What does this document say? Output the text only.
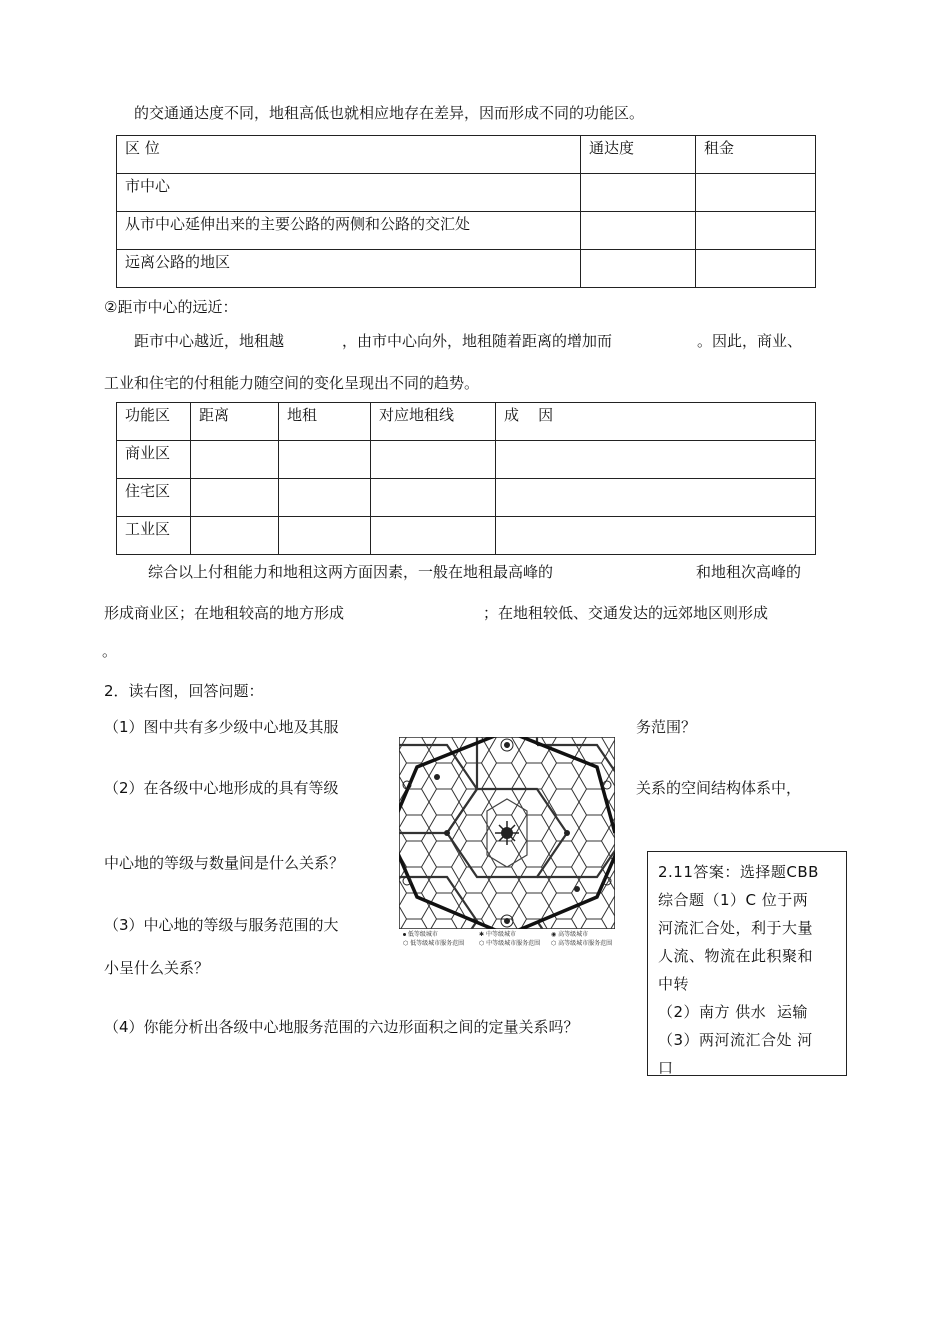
的交通通达度不同，地租高低也就相应地存在差异，因而形成不同的功能区。
区 位	通达度	租金
市中心		
从市中心延伸出来的主要公路的两侧和公路的交汇处		
远离公路的地区		
②距市中心的远近：
距市中心越近，地租越	，由市中心向外，地租随着距离的增加而	。因此，商业、
工业和住宅的付租能力随空间的变化呈现出不同的趋势。
功能区	距离	地租	对应地租线	成    因
商业区				
住宅区				
工业区				
综合以上付租能力和地租这两方面因素，一般在地租最高峰的	和地租次高峰的
形成商业区；在地租较高的地方形成	；在地租较低、交通发达的远郊地区则形成
。
2．读右图，回答问题：
（1）图中共有多少级中心地及其服	务范围？
（2）在各级中心地形成的具有等级	关系的空间结构体系中，
中心地的等级与数量间是什么关系？
（3）中心地的等级与服务范围的大
小呈什么关系？
（4）你能分析出各级中心地服务范围的六边形面积之间的定量关系吗？
低等级城市	✱ 中等级城市	◉ 高等级城市
⬡ 低等级城市服务范围	⬡ 中等级城市服务范围	⬡ 高等级城市服务范围
2.11答案：选择题CBB
综合题（1）C 位于两
河流汇合处，利于大量
人流、物流在此积聚和
中转
（2）南方 供水  运输
（3）两河流汇合处 河
口
